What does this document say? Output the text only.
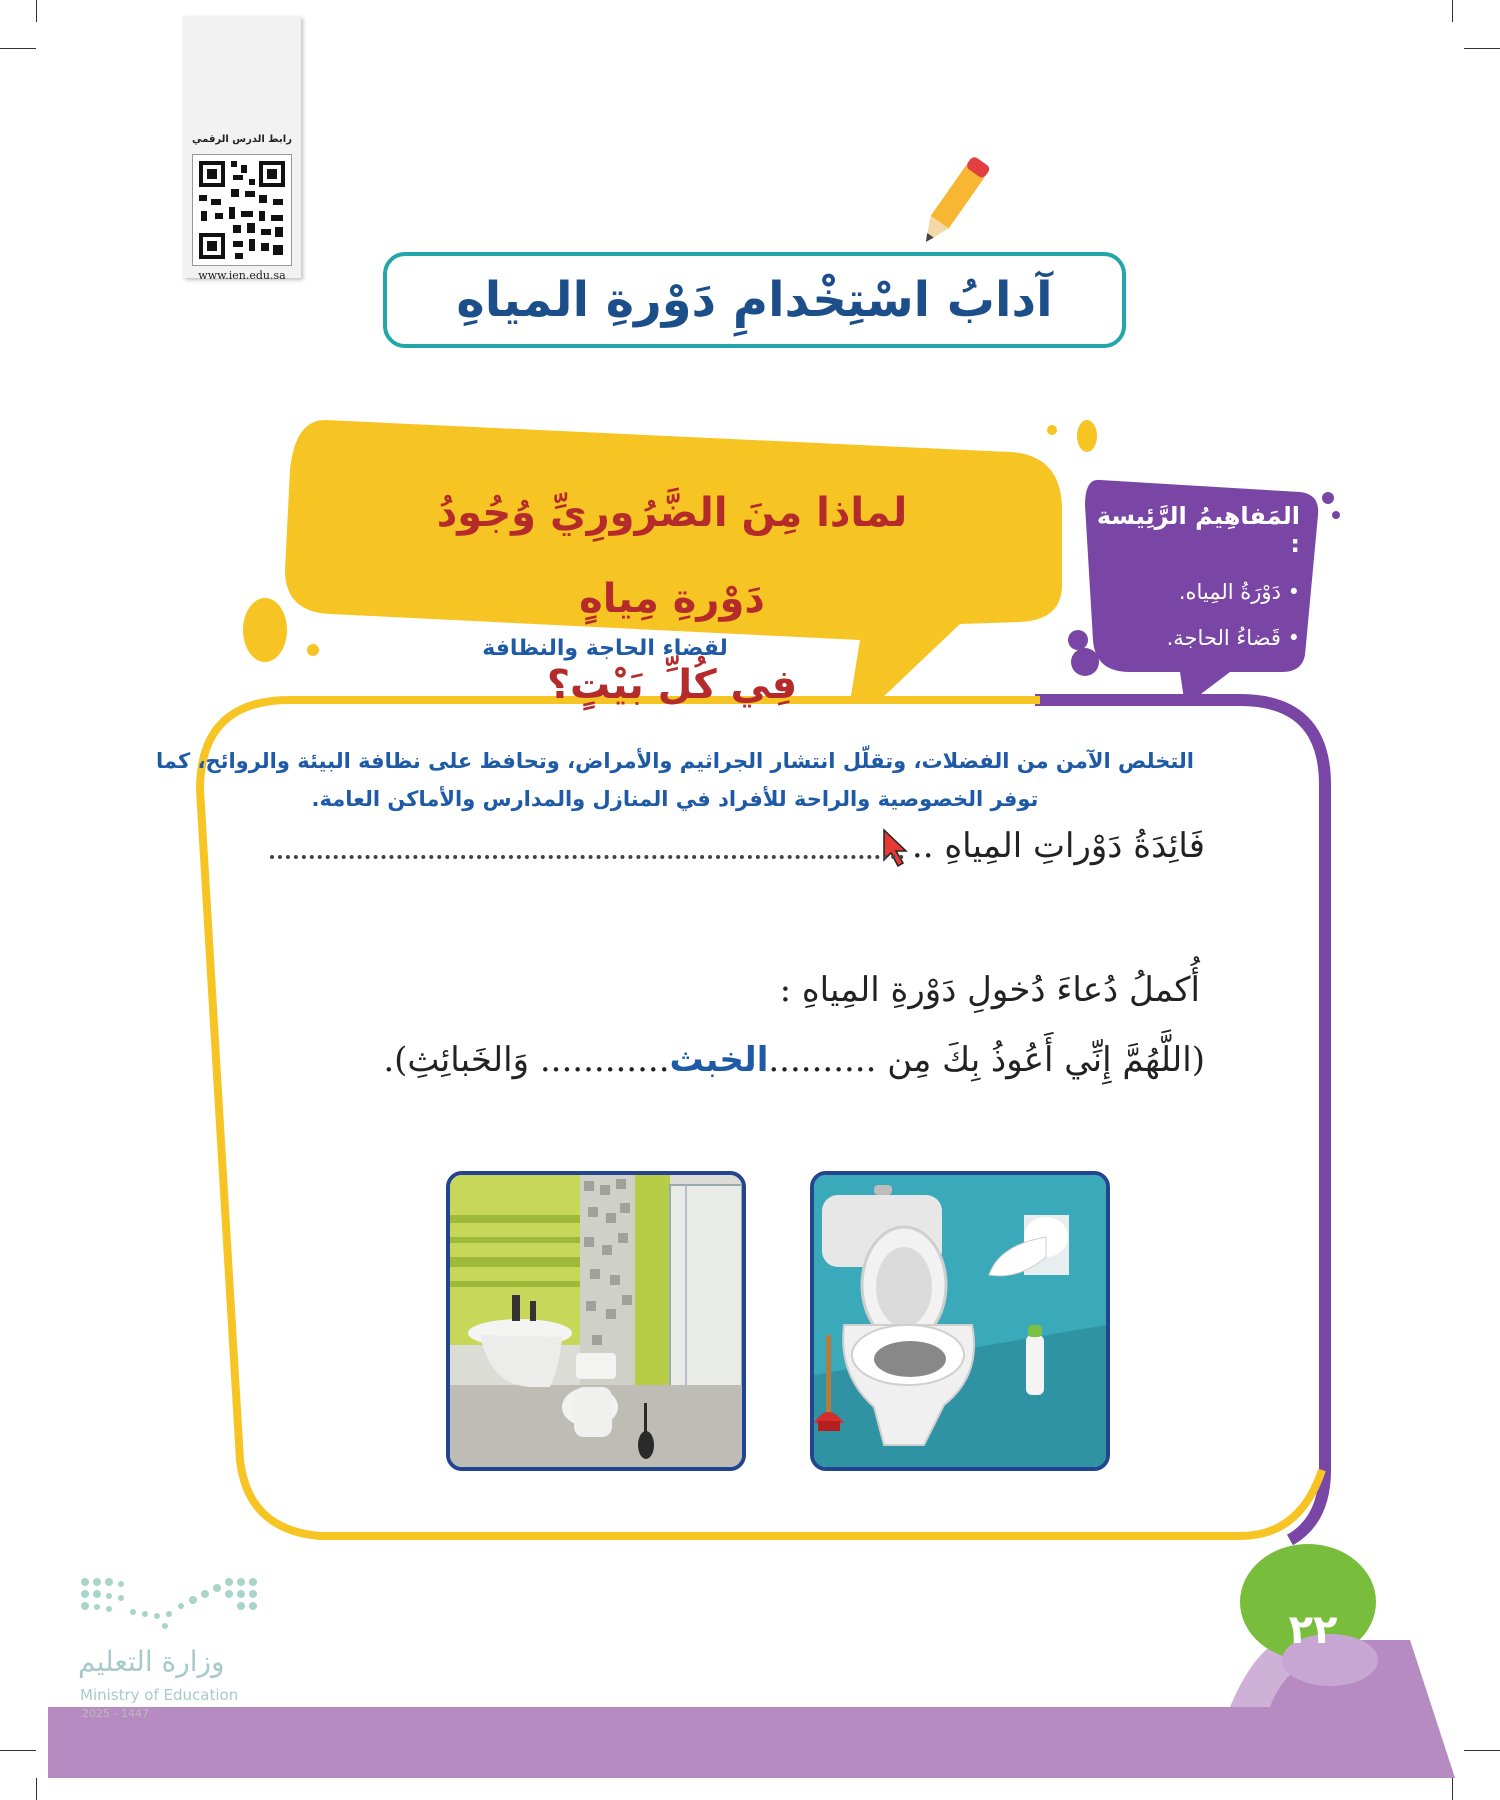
رابط الدرس الرقمي
www.ien.edu.sa	آدابُ اسْتِخْدامِ دَوْرةِ المياهِ
لماذا مِنَ الضَّرُورِيِّ وُجُودُ دَوْرةِ مِياهٍ
فِي كُلِّ بَيْتٍ؟
لقضاء الحاجة والنظافة
المَفاهِيمُ الرَّئِيسة :
• دَوْرَةُ المِياه.
• قَضاءُ الحاجة.
التخلص الآمن من الفضلات، وتقلّل انتشار الجراثيم والأمراض، وتحافظ على نظافة البيئة والروائح، كما توفر الخصوصية والراحة للأفراد في المنازل والمدارس والأماكن العامة.
فَائِدَةُ دَوْراتِ المِياهِ ..
أُكملُ دُعاءَ دُخولِ دَوْرةِ المِياهِ :
(اللَّهُمَّ إِنِّي أَعُوذُ بِكَ مِن ..........الخبث............ وَالخَبائِثِ).
٢٢
وزارة التعليم
Ministry of Education
2025 - 1447
